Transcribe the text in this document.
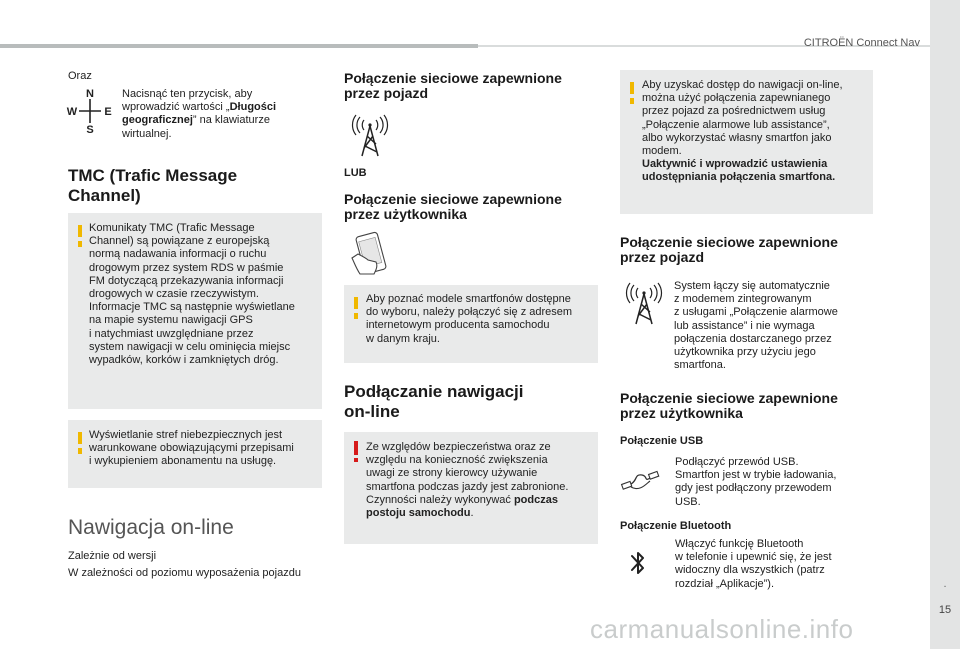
CITROËN Connect Nav
.
15
Oraz
N
S
W E
Nacisnąć ten przycisk, aby
wprowadzić wartości „Długości
geograficznej” na klawiaturze
wirtualnej.
TMC (Trafic Message
Channel)
Komunikaty TMC (Trafic Message
Channel) są powiązane z europejską
normą nadawania informacji o ruchu
drogowym przez system RDS w paśmie
FM dotyczącą przekazywania informacji
drogowych w czasie rzeczywistym.
Informacje TMC są następnie wyświetlane
na mapie systemu nawigacji GPS
i natychmiast uwzględniane przez
system nawigacji w celu ominięcia miejsc
wypadków, korków i zamkniętych dróg.
Wyświetlanie stref niebezpiecznych jest
warunkowane obowiązującymi przepisami
i wykupieniem abonamentu na usługę.
Nawigacja on-line
Zależnie od wersji
W zależności od poziomu wyposażenia pojazdu
Połączenie sieciowe zapewnione
przez pojazd
LUB
Połączenie sieciowe zapewnione
przez użytkownika
Aby poznać modele smartfonów dostępne
do wyboru, należy połączyć się z adresem
internetowym producenta samochodu
w danym kraju.
Podłączanie nawigacji
on-line
Ze względów bezpieczeństwa oraz ze
względu na konieczność zwiększenia
uwagi ze strony kierowcy używanie
smartfona podczas jazdy jest zabronione.
Czynności należy wykonywać podczas
postoju samochodu.
Aby uzyskać dostęp do nawigacji on-line,
można użyć połączenia zapewnianego
przez pojazd za pośrednictwem usług
„Połączenie alarmowe lub assistance”,
albo wykorzystać własny smartfon jako
modem.
Uaktywnić i wprowadzić ustawienia
udostępniania połączenia smartfona.
Połączenie sieciowe zapewnione
przez pojazd
System łączy się automatycznie
z modemem zintegrowanym
z usługami „Połączenie alarmowe
lub assistance” i nie wymaga
połączenia dostarczanego przez
użytkownika przy użyciu jego
smartfona.
Połączenie sieciowe zapewnione
przez użytkownika
Połączenie USB
Podłączyć przewód USB.
Smartfon jest w trybie ładowania,
gdy jest podłączony przewodem
USB.
Połączenie Bluetooth
Włączyć funkcję Bluetooth
w telefonie i upewnić się, że jest
widoczny dla wszystkich (patrz
rozdział „Aplikacje”).
carmanualsonline.info
